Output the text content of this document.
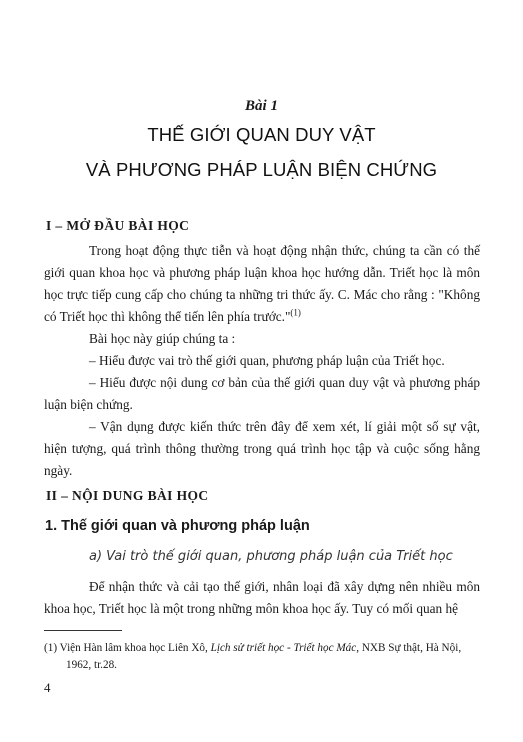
Bài 1
THẾ GIỚI QUAN DUY VẬT
VÀ PHƯƠNG PHÁP LUẬN BIỆN CHỨNG
I – MỞ ĐẦU BÀI HỌC
Trong hoạt động thực tiễn và hoạt động nhận thức, chúng ta cần có thế giới quan khoa học và phương pháp luận khoa học hướng dẫn. Triết học là môn học trực tiếp cung cấp cho chúng ta những tri thức ấy. C. Mác cho rằng : "Không có Triết học thì không thể tiến lên phía trước."$^{(1)}$
Bài học này giúp chúng ta :
– Hiểu được vai trò thế giới quan, phương pháp luận của Triết học.
– Hiểu được nội dung cơ bản của thế giới quan duy vật và phương pháp luận biện chứng.
– Vận dụng được kiến thức trên đây để xem xét, lí giải một số sự vật, hiện tượng, quá trình thông thường trong quá trình học tập và cuộc sống hằng ngày.
II – NỘI DUNG BÀI HỌC
1. Thế giới quan và phương pháp luận
a) Vai trò thế giới quan, phương pháp luận của Triết học
Để nhận thức và cải tạo thế giới, nhân loại đã xây dựng nên nhiều môn khoa học, Triết học là một trong những môn khoa học ấy. Tuy có mối quan hệ
(1) Viện Hàn lâm khoa học Liên Xô, Lịch sử triết học - Triết học Mác, NXB Sự thật, Hà Nội,
1962, tr.28.
4
